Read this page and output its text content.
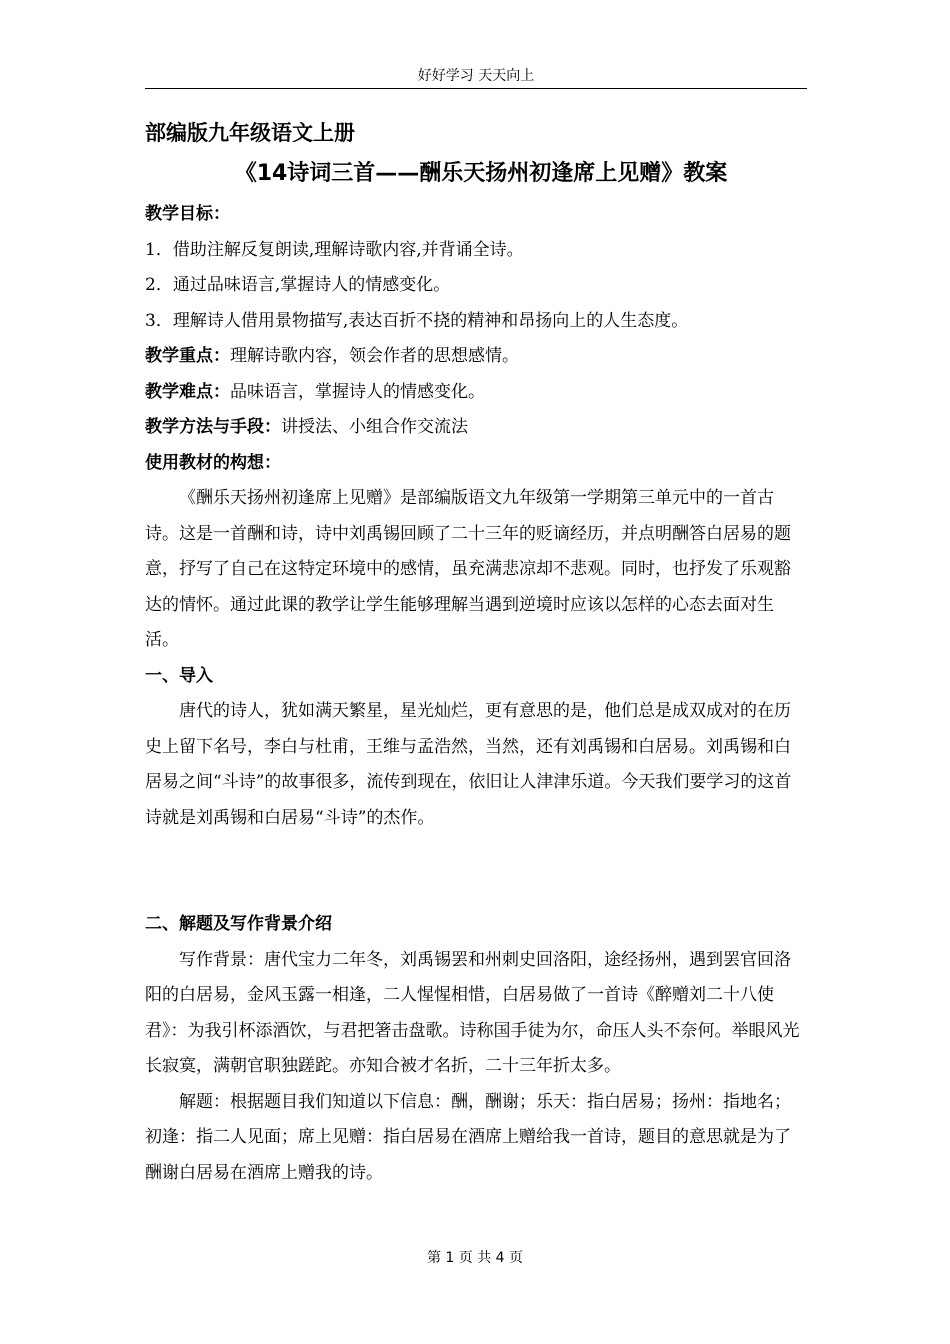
好好学习 天天向上
部编版九年级语文上册
《14诗词三首——酬乐天扬州初逢席上见赠》教案
教学目标：

1．借助注解反复朗读,理解诗歌内容,并背诵全诗。

2．通过品味语言,掌握诗人的情感变化。

3．理解诗人借用景物描写,表达百折不挠的精神和昂扬向上的人生态度。

教学重点：理解诗歌内容，领会作者的思想感情。

教学难点：品味语言，掌握诗人的情感变化。

教学方法与手段：讲授法、小组合作交流法

使用教材的构想：

《酬乐天扬州初逢席上见赠》是部编版语文九年级第一学期第三单元中的一首古诗。这是一首酬和诗，诗中刘禹锡回顾了二十三年的贬谪经历，并点明酬答白居易的题意，抒写了自己在这特定环境中的感情，虽充满悲凉却不悲观。同时，也抒发了乐观豁达的情怀。通过此课的教学让学生能够理解当遇到逆境时应该以怎样的心态去面对生活。

一、导入

唐代的诗人，犹如满天繁星，星光灿烂，更有意思的是，他们总是成双成对的在历史上留下名号，李白与杜甫，王维与孟浩然，当然，还有刘禹锡和白居易。刘禹锡和白居易之间“斗诗”的故事很多，流传到现在，依旧让人津津乐道。今天我们要学习的这首诗就是刘禹锡和白居易“斗诗”的杰作。

二、解题及写作背景介绍

写作背景：唐代宝力二年冬，刘禹锡罢和州刺史回洛阳，途经扬州，遇到罢官回洛阳的白居易，金风玉露一相逢，二人惺惺相惜，白居易做了一首诗《醉赠刘二十八使君》：为我引杯添酒饮，与君把箸击盘歌。诗称国手徒为尔，命压人头不奈何。举眼风光长寂寞，满朝官职独蹉跎。亦知合被才名折，二十三年折太多。

解题：根据题目我们知道以下信息：酬，酬谢；乐天：指白居易；扬州：指地名；初逢：指二人见面；席上见赠：指白居易在酒席上赠给我一首诗，题目的意思就是为了酬谢白居易在酒席上赠我的诗。

第 1 页 共 4 页
